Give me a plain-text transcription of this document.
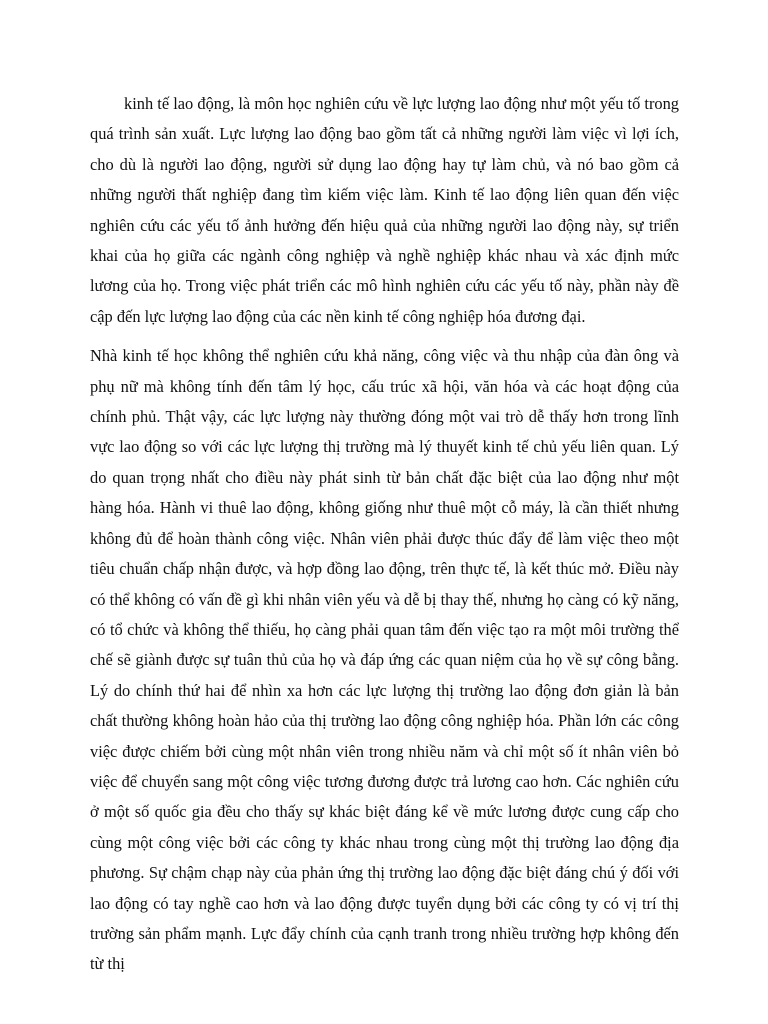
kinh tế lao động, là môn học nghiên cứu về lực lượng lao động như một yếu tố trong quá trình sản xuất. Lực lượng lao động bao gồm tất cả những người làm việc vì lợi ích, cho dù là người lao động, người sử dụng lao động hay tự làm chủ, và nó bao gồm cả những người thất nghiệp đang tìm kiếm việc làm. Kinh tế lao động liên quan đến việc nghiên cứu các yếu tố ảnh hưởng đến hiệu quả của những người lao động này, sự triển khai của họ giữa các ngành công nghiệp và nghề nghiệp khác nhau và xác định mức lương của họ. Trong việc phát triển các mô hình nghiên cứu các yếu tố này, phần này đề cập đến lực lượng lao động của các nền kinh tế công nghiệp hóa đương đại.

Nhà kinh tế học không thể nghiên cứu khả năng, công việc và thu nhập của đàn ông và phụ nữ mà không tính đến tâm lý học, cấu trúc xã hội, văn hóa và các hoạt động của chính phủ. Thật vậy, các lực lượng này thường đóng một vai trò dễ thấy hơn trong lĩnh vực lao động so với các lực lượng thị trường mà lý thuyết kinh tế chủ yếu liên quan. Lý do quan trọng nhất cho điều này phát sinh từ bản chất đặc biệt của lao động như một hàng hóa. Hành vi thuê lao động, không giống như thuê một cỗ máy, là cần thiết nhưng không đủ để hoàn thành công việc. Nhân viên phải được thúc đẩy để làm việc theo một tiêu chuẩn chấp nhận được, và hợp đồng lao động, trên thực tế, là kết thúc mở. Điều này có thể không có vấn đề gì khi nhân viên yếu và dễ bị thay thế, nhưng họ càng có kỹ năng, có tổ chức và không thể thiếu, họ càng phải quan tâm đến việc tạo ra một môi trường thể chế sẽ giành được sự tuân thủ của họ và đáp ứng các quan niệm của họ về sự công bằng. Lý do chính thứ hai để nhìn xa hơn các lực lượng thị trường lao động đơn giản là bản chất thường không hoàn hảo của thị trường lao động công nghiệp hóa. Phần lớn các công việc được chiếm bởi cùng một nhân viên trong nhiều năm và chỉ một số ít nhân viên bỏ việc để chuyển sang một công việc tương đương được trả lương cao hơn. Các nghiên cứu ở một số quốc gia đều cho thấy sự khác biệt đáng kể về mức lương được cung cấp cho cùng một công việc bởi các công ty khác nhau trong cùng một thị trường lao động địa phương. Sự chậm chạp này của phản ứng thị trường lao động đặc biệt đáng chú ý đối với lao động có tay nghề cao hơn và lao động được tuyển dụng bởi các công ty có vị trí thị trường sản phẩm mạnh. Lực đẩy chính của cạnh tranh trong nhiều trường hợp không đến từ thị
